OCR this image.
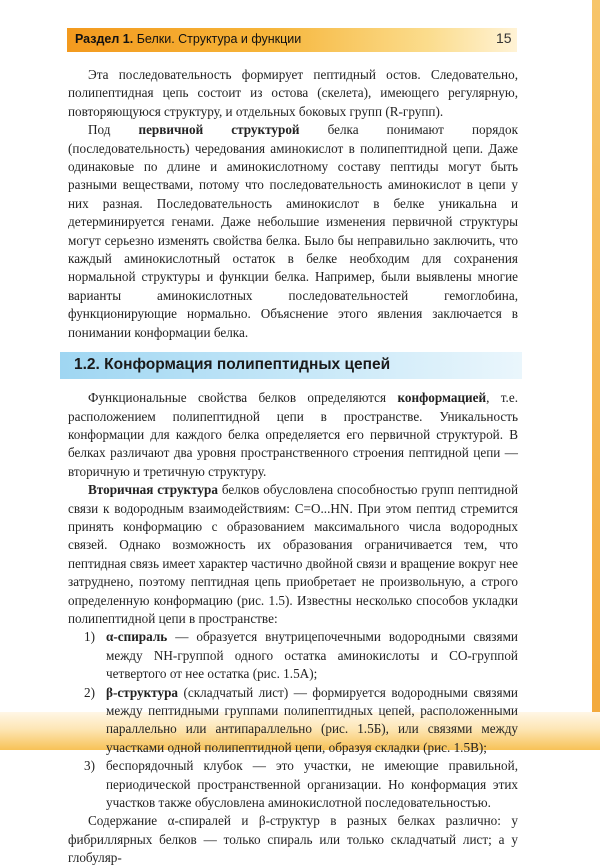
Раздел 1. Белки. Структура и функции	15

Эта последовательность формирует пептидный остов. Следовательно, полипептидная цепь состоит из остова (скелета), имеющего регулярную, повторяющуюся структуру, и отдельных боковых групп (R-групп).

Под первичной структурой белка понимают порядок (последовательность) чередования аминокислот в полипептидной цепи. Даже одинаковые по длине и аминокислотному составу пептиды могут быть разными веществами, потому что последовательность аминокислот в цепи у них разная. Последовательность аминокислот в белке уникальна и детерминируется генами. Даже небольшие изменения первичной структуры могут серьезно изменять свойства белка. Было бы неправильно заключить, что каждый аминокислотный остаток в белке необходим для сохранения нормальной структуры и функции белка. Например, были выявлены многие варианты аминокислотных последовательностей гемоглобина, функционирующие нормально. Объяснение этого явления заключается в понимании конформации белка.

1.2. Конформация полипептидных цепей

Функциональные свойства белков определяются конформацией, т.е. расположением полипептидной цепи в пространстве. Уникальность конформации для каждого белка определяется его первичной структурой. В белках различают два уровня пространственного строения пептидной цепи — вторичную и третичную структуру.

Вторичная структура белков обусловлена способностью групп пептидной связи к водородным взаимодействиям: C=O...HN. При этом пептид стремится принять конформацию с образованием максимального числа водородных связей. Однако возможность их образования ограничивается тем, что пептидная связь имеет характер частично двойной связи и вращение вокруг нее затруднено, поэтому пептидная цепь приобретает не произвольную, а строго определенную конформацию (рис. 1.5). Известны несколько способов укладки полипептидной цепи в пространстве:

1) α-спираль — образуется внутрицепочечными водородными связями между NH-группой одного остатка аминокислоты и CO-группой четвертого от нее остатка (рис. 1.5А);
2) β-структура (складчатый лист) — формируется водородными связями между пептидными группами полипептидных цепей, расположенными параллельно или антипараллельно (рис. 1.5Б), или связями между участками одной полипептидной цепи, образуя складки (рис. 1.5В);
3) беспорядочный клубок — это участки, не имеющие правильной, периодической пространственной организации. Но конформация этих участков также обусловлена аминокислотной последовательностью.

Содержание α-спиралей и β-структур в разных белках различно: у фибриллярных белков — только спираль или только складчатый лист; а у глобуляр-
